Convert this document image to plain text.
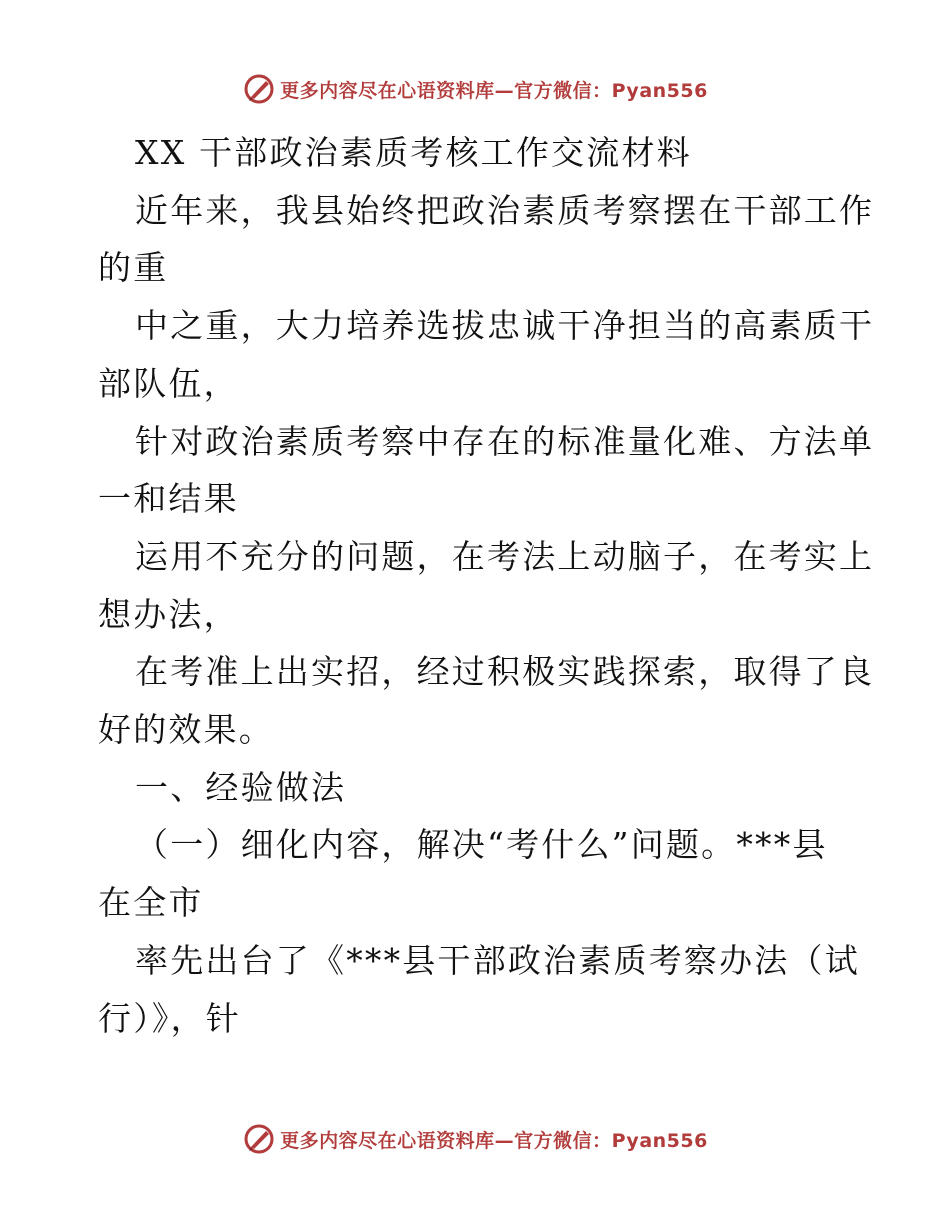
更多内容尽在心语资料库—官方微信：Pyan556

XX 干部政治素质考核工作交流材料

近年来，我县始终把政治素质考察摆在干部工作

的重

中之重，大力培养选拔忠诚干净担当的高素质干

部队伍，

针对政治素质考察中存在的标准量化难、方法单

一和结果

运用不充分的问题，在考法上动脑子，在考实上

想办法，

在考准上出实招，经过积极实践探索，取得了良

好的效果。

一、经验做法

（一）细化内容，解决“考什么”问题。***县

在全市

率先出台了《***县干部政治素质考察办法（试

行）》，针

更多内容尽在心语资料库—官方微信：Pyan556
